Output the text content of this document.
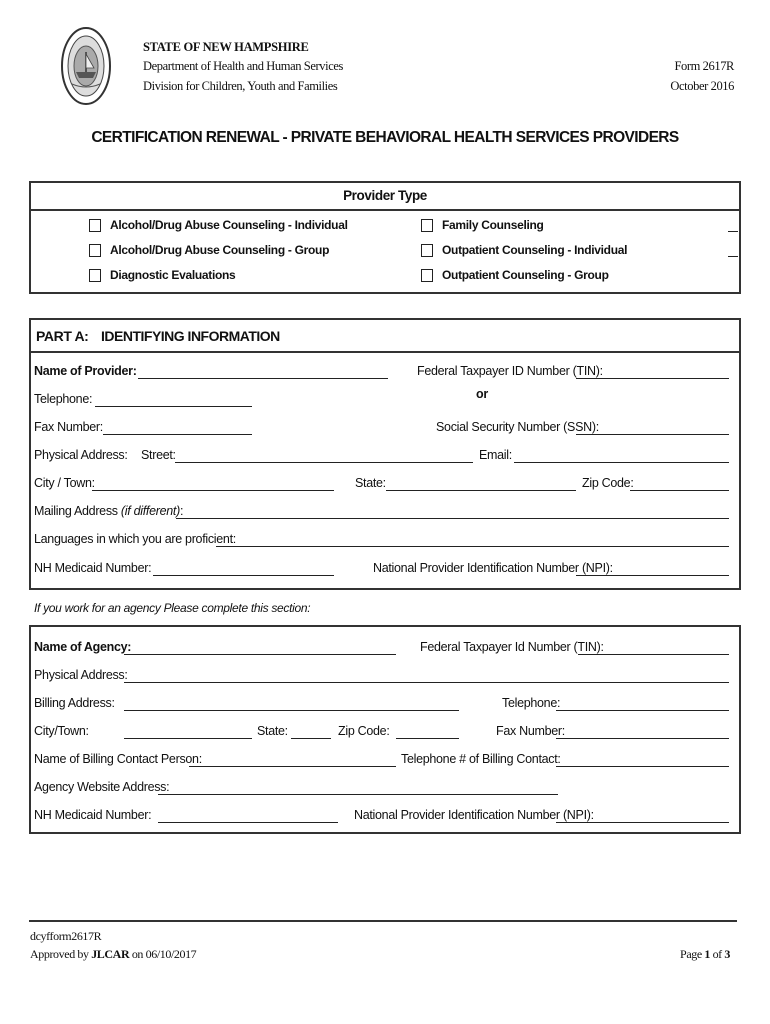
STATE OF NEW HAMPSHIRE
Department of Health and Human Services
Division for Children, Youth and Families
Form 2617R
October 2016
CERTIFICATION RENEWAL - PRIVATE BEHAVIORAL HEALTH SERVICES PROVIDERS
Provider Type
Alcohol/Drug Abuse Counseling - Individual
Alcohol/Drug Abuse Counseling - Group
Diagnostic Evaluations
Family Counseling
Outpatient Counseling - Individual
Outpatient Counseling - Group
PART A: IDENTIFYING INFORMATION
Name of Provider:	Federal Taxpayer ID Number (TIN):
Telephone:	or
Fax Number:	Social Security Number (SSN):
Physical Address: Street:	Email:
City / Town:	State:	Zip Code:
Mailing Address (if different):
Languages in which you are proficient:
NH Medicaid Number:	National Provider Identification Number (NPI):
If you work for an agency Please complete this section:
Name of Agency:	Federal Taxpayer Id Number (TIN):
Physical Address:
Billing Address:	Telephone:
City/Town:	State:	Zip Code:	Fax Number:
Name of Billing Contact Person:	Telephone # of Billing Contact:
Agency Website Address:
NH Medicaid Number:	National Provider Identification Number (NPI):
dcyfform2617R
Approved by JLCAR on 06/10/2017	Page 1 of 3
